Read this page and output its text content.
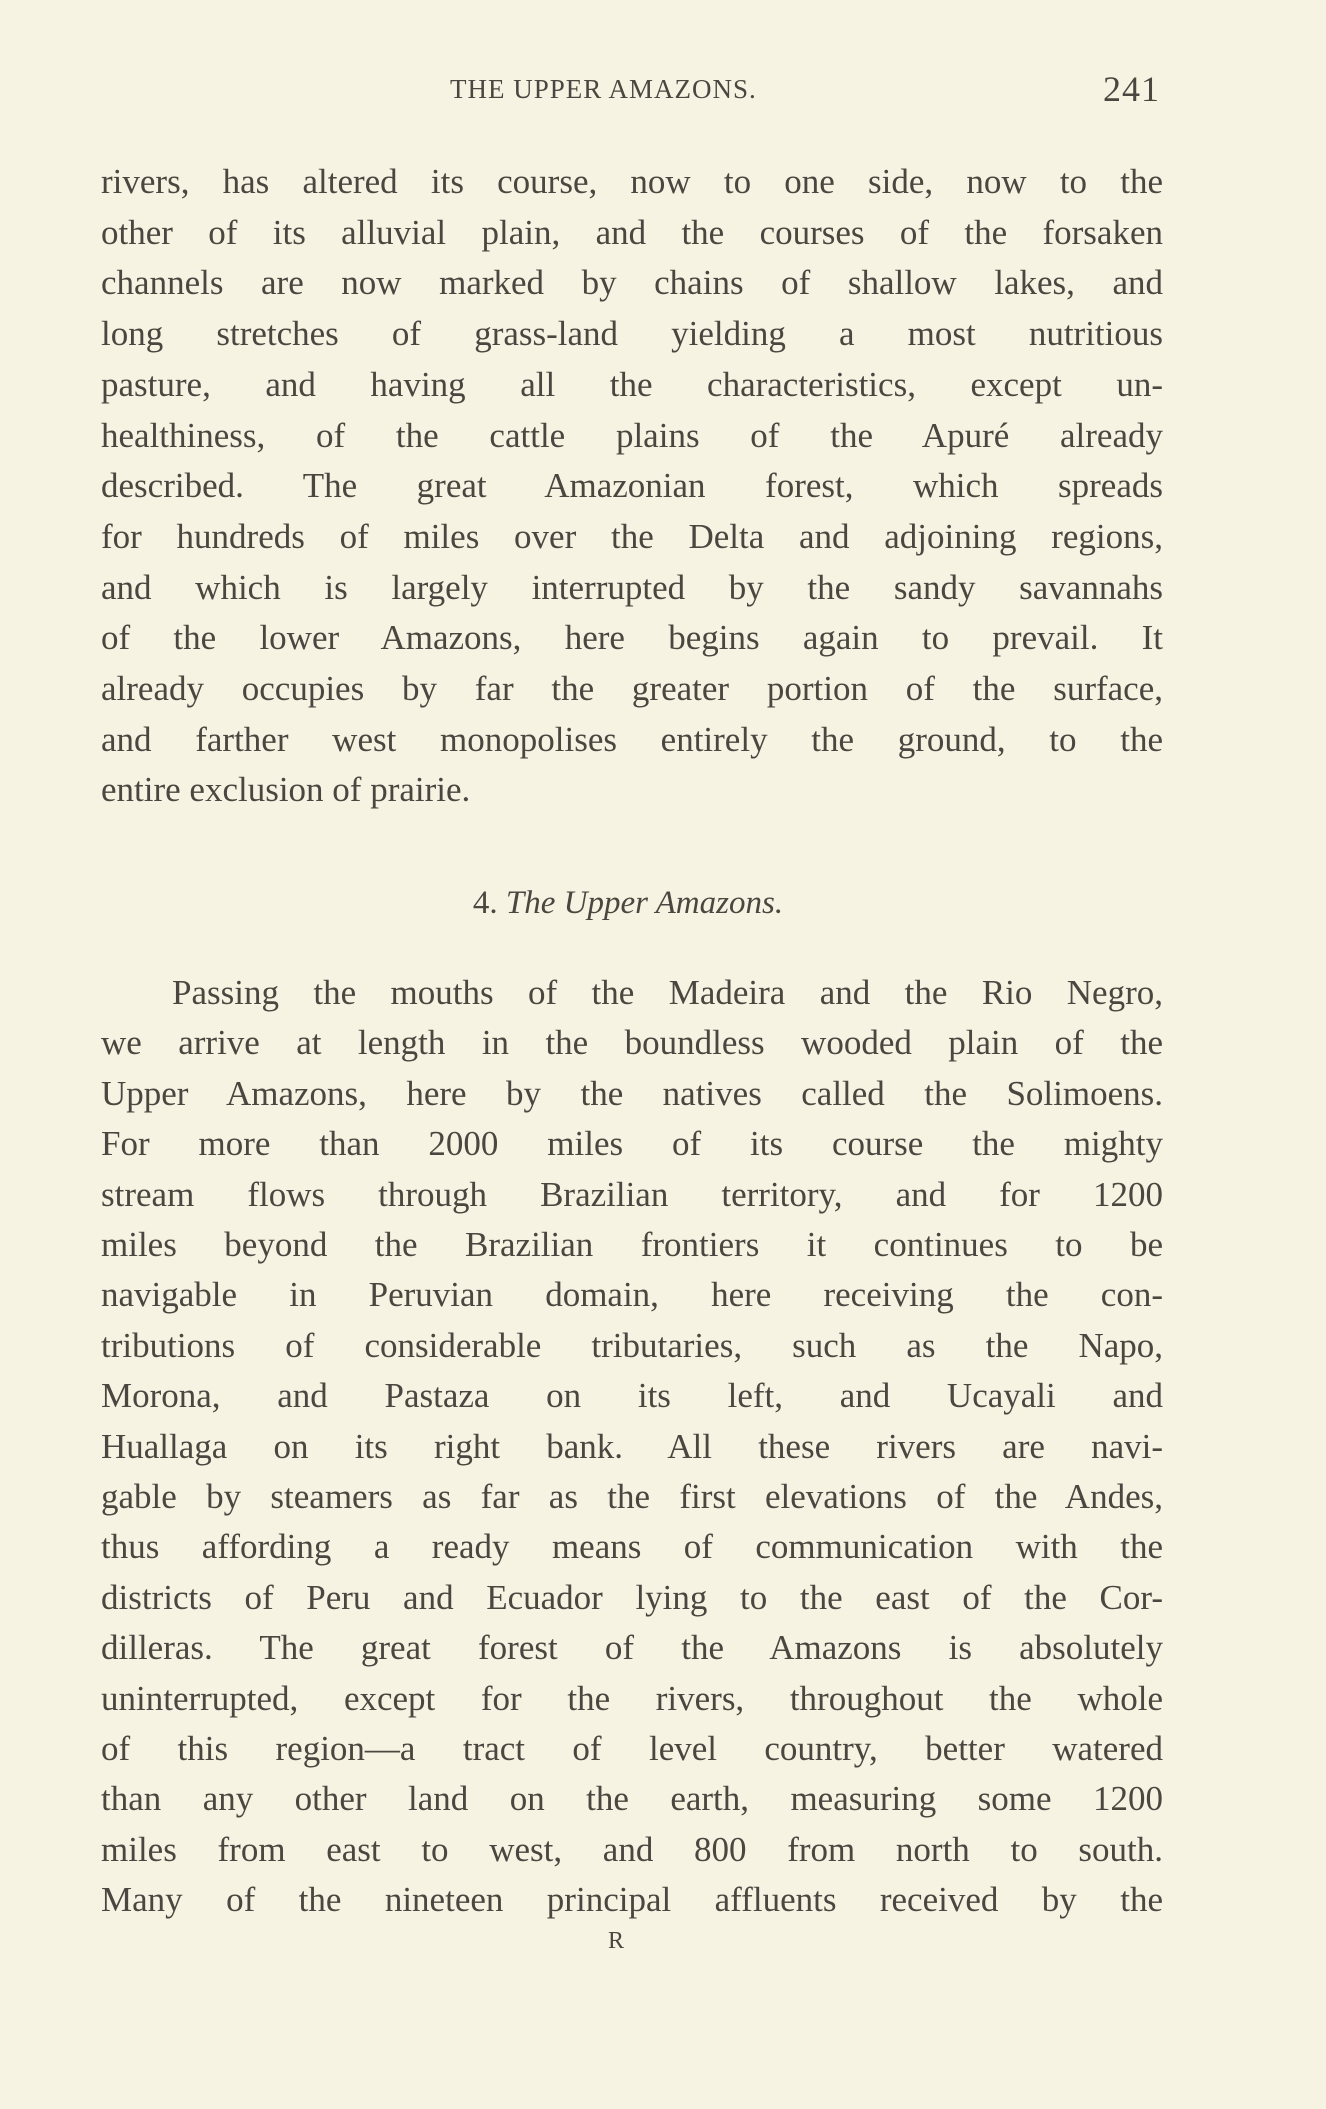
THE UPPER AMAZONS.	241
rivers, has altered its course, now to one side, now to the
other of its alluvial plain, and the courses of the forsaken
channels are now marked by chains of shallow lakes, and
long stretches of grass-land yielding a most nutritious
pasture, and having all the characteristics, except un-
healthiness, of the cattle plains of the Apuré already
described. The great Amazonian forest, which spreads
for hundreds of miles over the Delta and adjoining regions,
and which is largely interrupted by the sandy savannahs
of the lower Amazons, here begins again to prevail. It
already occupies by far the greater portion of the surface,
and farther west monopolises entirely the ground, to the
entire exclusion of prairie.
4. The Upper Amazons.
Passing the mouths of the Madeira and the Rio Negro,
we arrive at length in the boundless wooded plain of the
Upper Amazons, here by the natives called the Solimoens.
For more than 2000 miles of its course the mighty
stream flows through Brazilian territory, and for 1200
miles beyond the Brazilian frontiers it continues to be
navigable in Peruvian domain, here receiving the con-
tributions of considerable tributaries, such as the Napo,
Morona, and Pastaza on its left, and Ucayali and
Huallaga on its right bank. All these rivers are navi-
gable by steamers as far as the first elevations of the Andes,
thus affording a ready means of communication with the
districts of Peru and Ecuador lying to the east of the Cor-
dilleras. The great forest of the Amazons is absolutely
uninterrupted, except for the rivers, throughout the whole
of this region—a tract of level country, better watered
than any other land on the earth, measuring some 1200
miles from east to west, and 800 from north to south.
Many of the nineteen principal affluents received by the
R
